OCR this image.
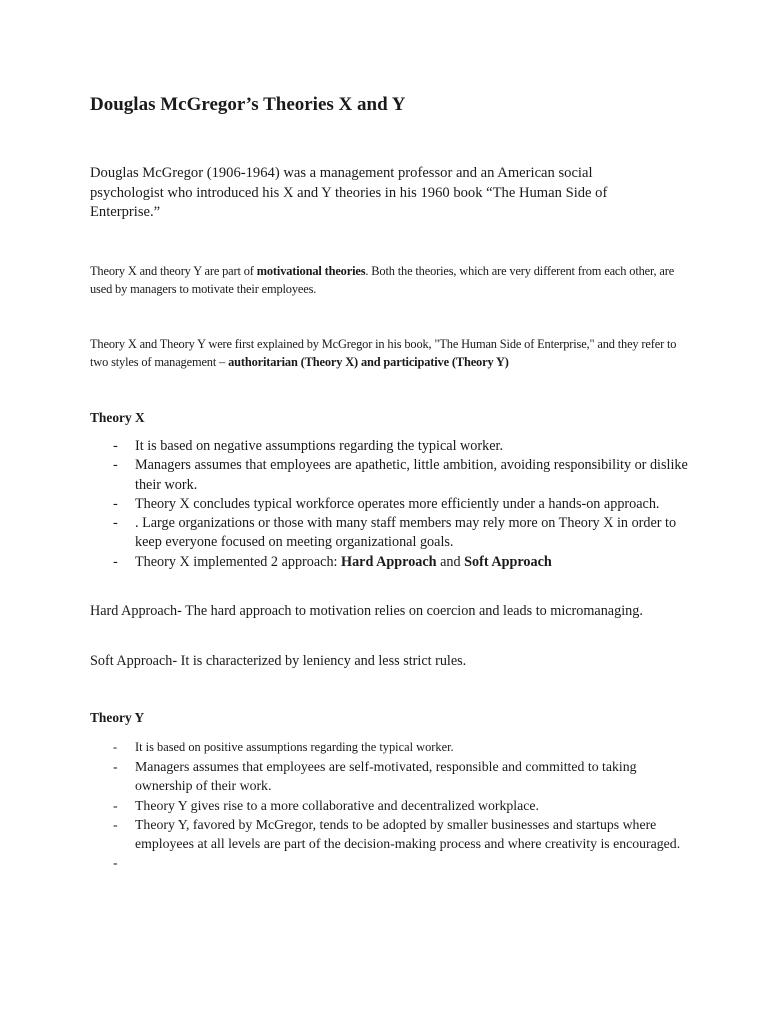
Douglas McGregor’s Theories X and Y

Douglas McGregor (1906-1964) was a management professor and an American social psychologist who introduced his X and Y theories in his 1960 book “The Human Side of Enterprise.”

Theory X and theory Y are part of motivational theories. Both the theories, which are very different from each other, are used by managers to motivate their employees.

Theory X and Theory Y were first explained by McGregor in his book, "The Human Side of Enterprise," and they refer to two styles of management – authoritarian (Theory X) and participative (Theory Y)

Theory X
- It is based on negative assumptions regarding the typical worker.
- Managers assumes that employees are apathetic, little ambition, avoiding responsibility or dislike their work.
- Theory X concludes typical workforce operates more efficiently under a hands-on approach.
- . Large organizations or those with many staff members may rely more on Theory X in order to keep everyone focused on meeting organizational goals.
- Theory X implemented 2 approach: Hard Approach and Soft Approach

Hard Approach- The hard approach to motivation relies on coercion and leads to micromanaging.

Soft Approach- It is characterized by leniency and less strict rules.

Theory Y
- It is based on positive assumptions regarding the typical worker.
- Managers assumes that employees are self-motivated, responsible and committed to taking ownership of their work.
- Theory Y gives rise to a more collaborative and decentralized workplace.
- Theory Y, favored by McGregor, tends to be adopted by smaller businesses and startups where employees at all levels are part of the decision-making process and where creativity is encouraged.
-
